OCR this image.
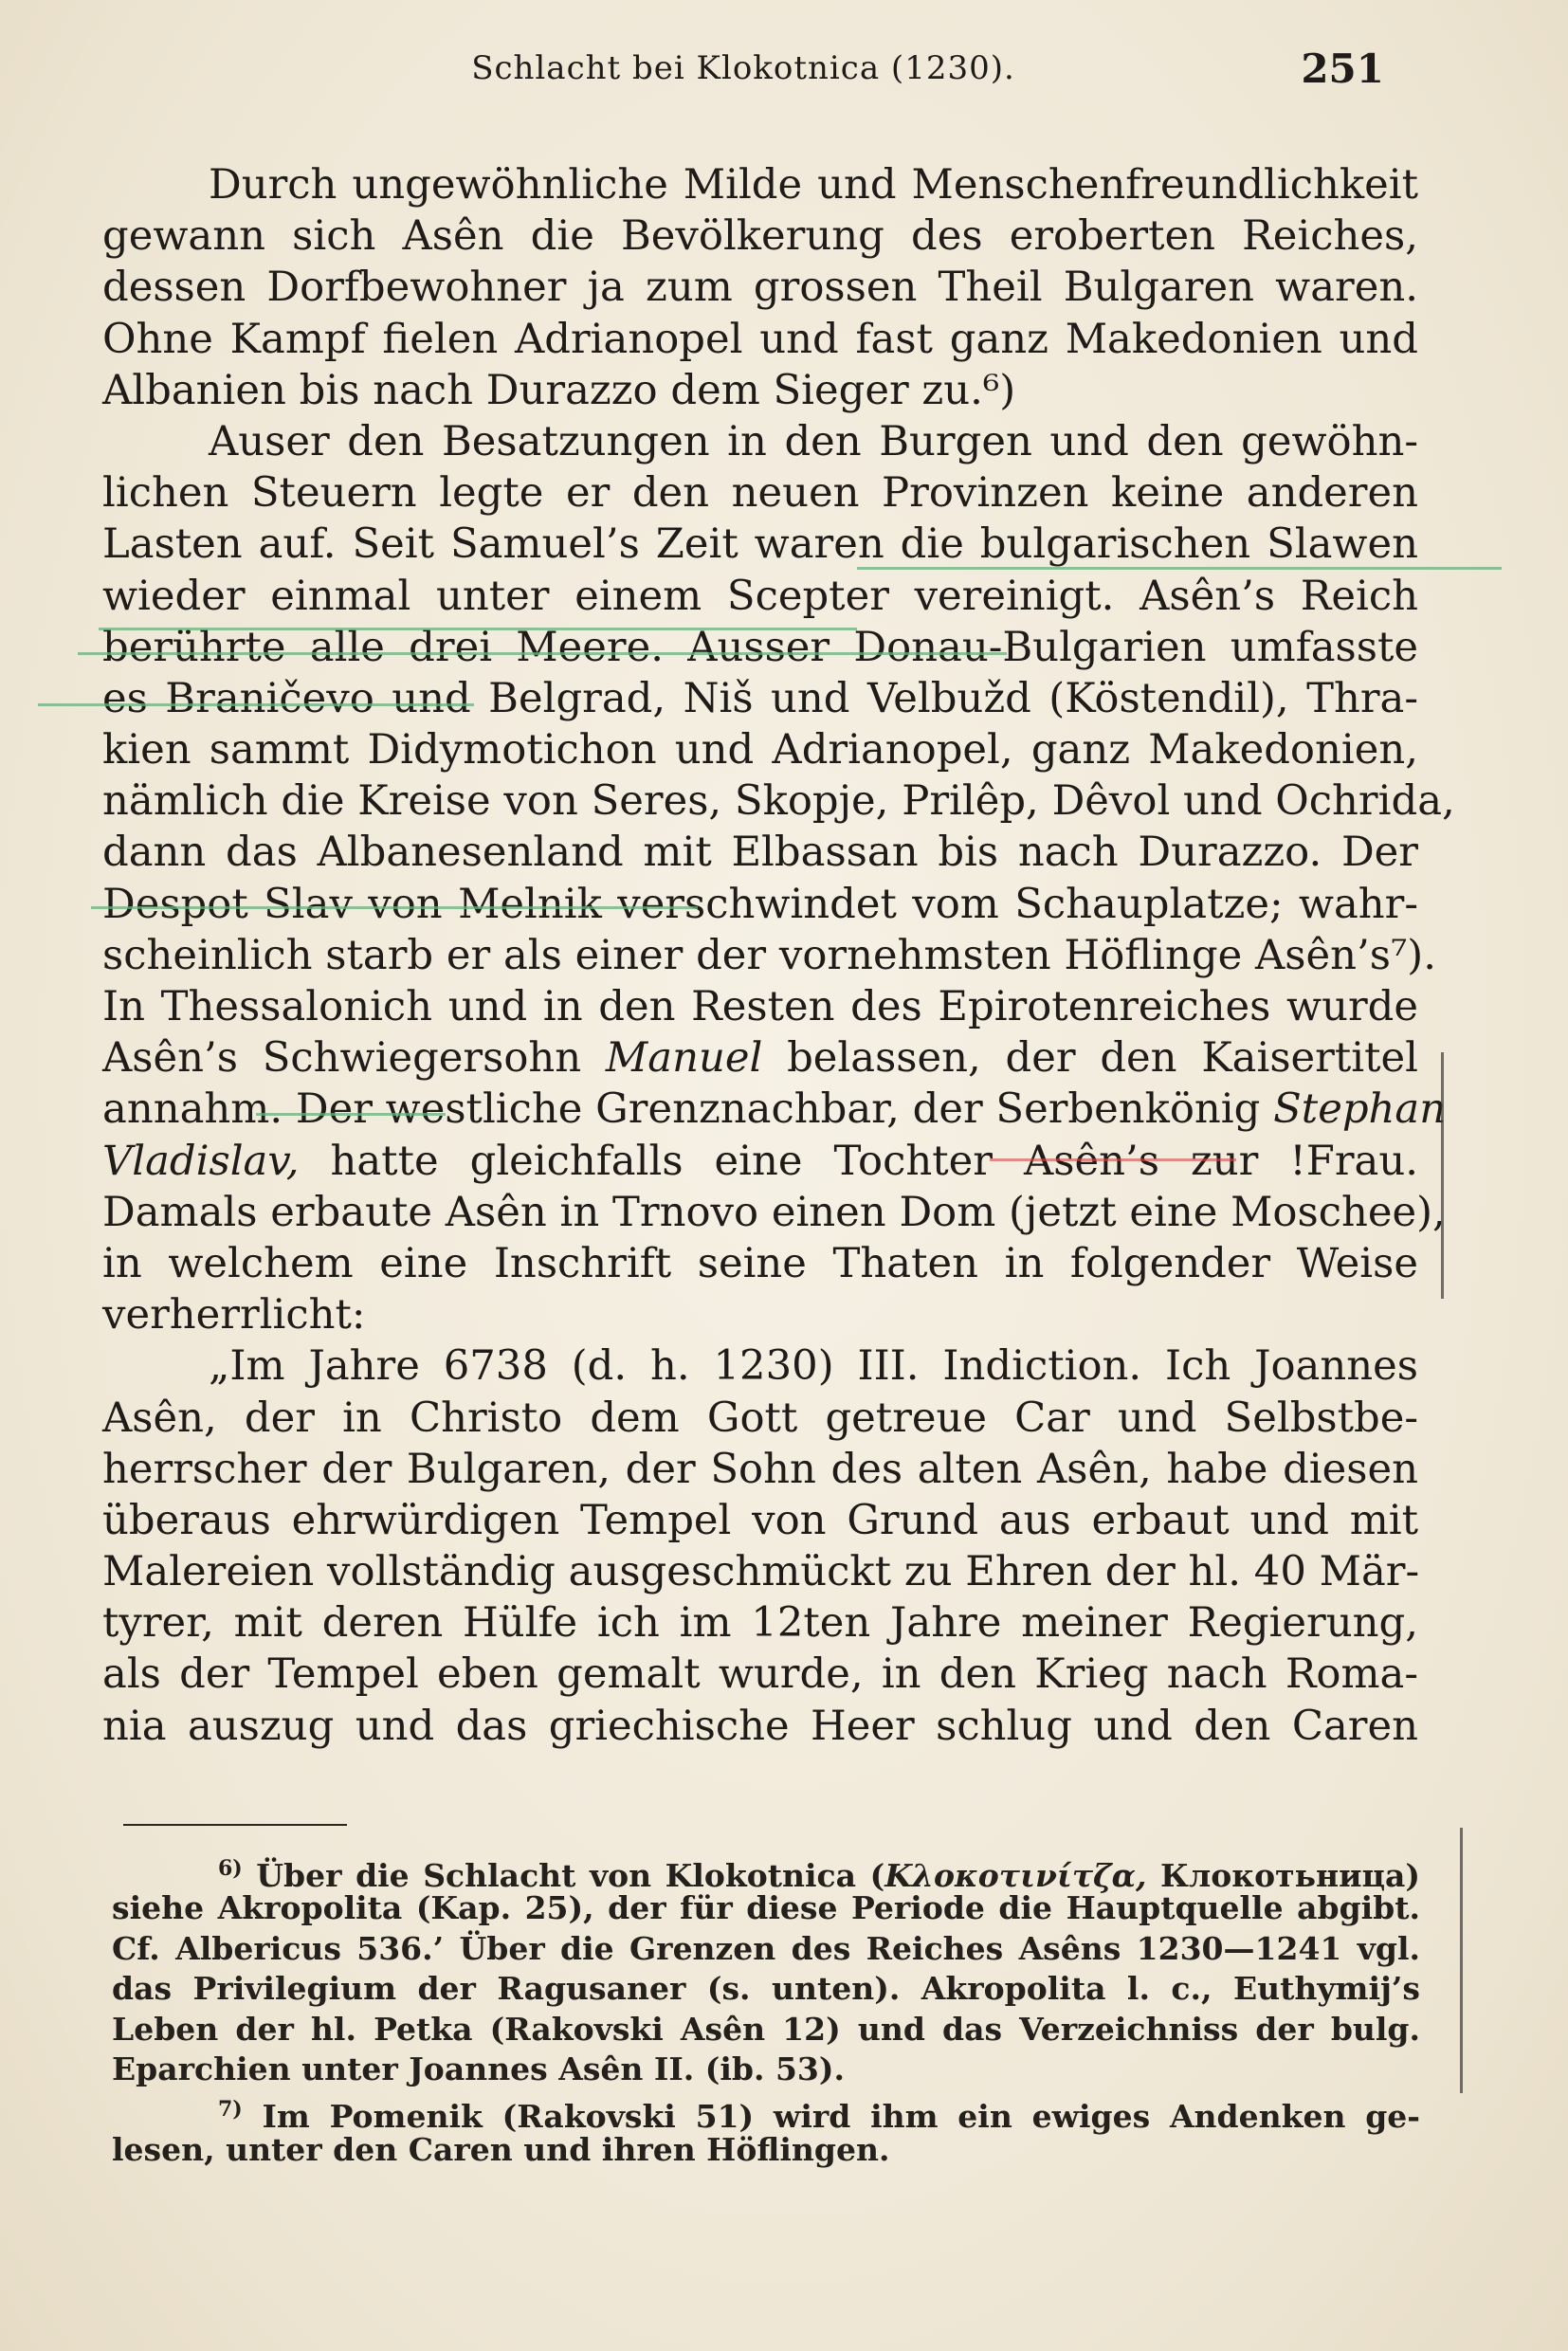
Schlacht bei Klokotnica (1230).	251
Durch ungewöhnliche Milde und Menschenfreundlichkeit
gewann sich Asên die Bevölkerung des eroberten Reiches,
dessen Dorfbewohner ja zum grossen Theil Bulgaren waren.
Ohne Kampf fielen Adrianopel und fast ganz Makedonien und
Albanien bis nach Durazzo dem Sieger zu.⁶)
Auser den Besatzungen in den Burgen und den gewöhn-
lichen Steuern legte er den neuen Provinzen keine anderen
Lasten auf. Seit Samuel’s Zeit waren die bulgarischen Slawen
wieder einmal unter einem Scepter vereinigt. Asên’s Reich
berührte alle drei Meere. Ausser Donau-Bulgarien umfasste
es Braničevo und Belgrad, Niš und Velbužd (Köstendil), Thra-
kien sammt Didymotichon und Adrianopel, ganz Makedonien,
nämlich die Kreise von Seres, Skopje, Prilêp, Dêvol und Ochrida,
dann das Albanesenland mit Elbassan bis nach Durazzo. Der
Despot Slav von Melnik verschwindet vom Schauplatze; wahr-
scheinlich starb er als einer der vornehmsten Höflinge Asên’s⁷).
In Thessalonich und in den Resten des Epirotenreiches wurde
Asên’s Schwiegersohn Manuel belassen, der den Kaisertitel
annahm. Der westliche Grenznachbar, der Serbenkönig Stephan
Vladislav, hatte gleichfalls eine Tochter Asên’s zur !Frau.
Damals erbaute Asên in Trnovo einen Dom (jetzt eine Moschee),
in welchem eine Inschrift seine Thaten in folgender Weise
verherrlicht:
„Im Jahre 6738 (d. h. 1230) III. Indiction. Ich Joannes
Asên, der in Christo dem Gott getreue Car und Selbstbe-
herrscher der Bulgaren, der Sohn des alten Asên, habe diesen
überaus ehrwürdigen Tempel von Grund aus erbaut und mit
Malereien vollständig ausgeschmückt zu Ehren der hl. 40 Mär-
tyrer, mit deren Hülfe ich im 12ten Jahre meiner Regierung,
als der Tempel eben gemalt wurde, in den Krieg nach Roma-
nia auszug und das griechische Heer schlug und den Caren
$^{6)}$ Über die Schlacht von Klokotnica (Κλοκοτινίτζα, Клокотьница)
siehe Akropolita (Kap. 25), der für diese Periode die Hauptquelle abgibt.
Cf. Albericus 536.’ Über die Grenzen des Reiches Asêns 1230—1241 vgl.
das Privilegium der Ragusaner (s. unten). Akropolita l. c., Euthymij’s
Leben der hl. Petka (Rakovski Asên 12) und das Verzeichniss der bulg.
Eparchien unter Joannes Asên II. (ib. 53).
$^{7)}$ Im Pomenik (Rakovski 51) wird ihm ein ewiges Andenken ge-
lesen, unter den Caren und ihren Höflingen.
